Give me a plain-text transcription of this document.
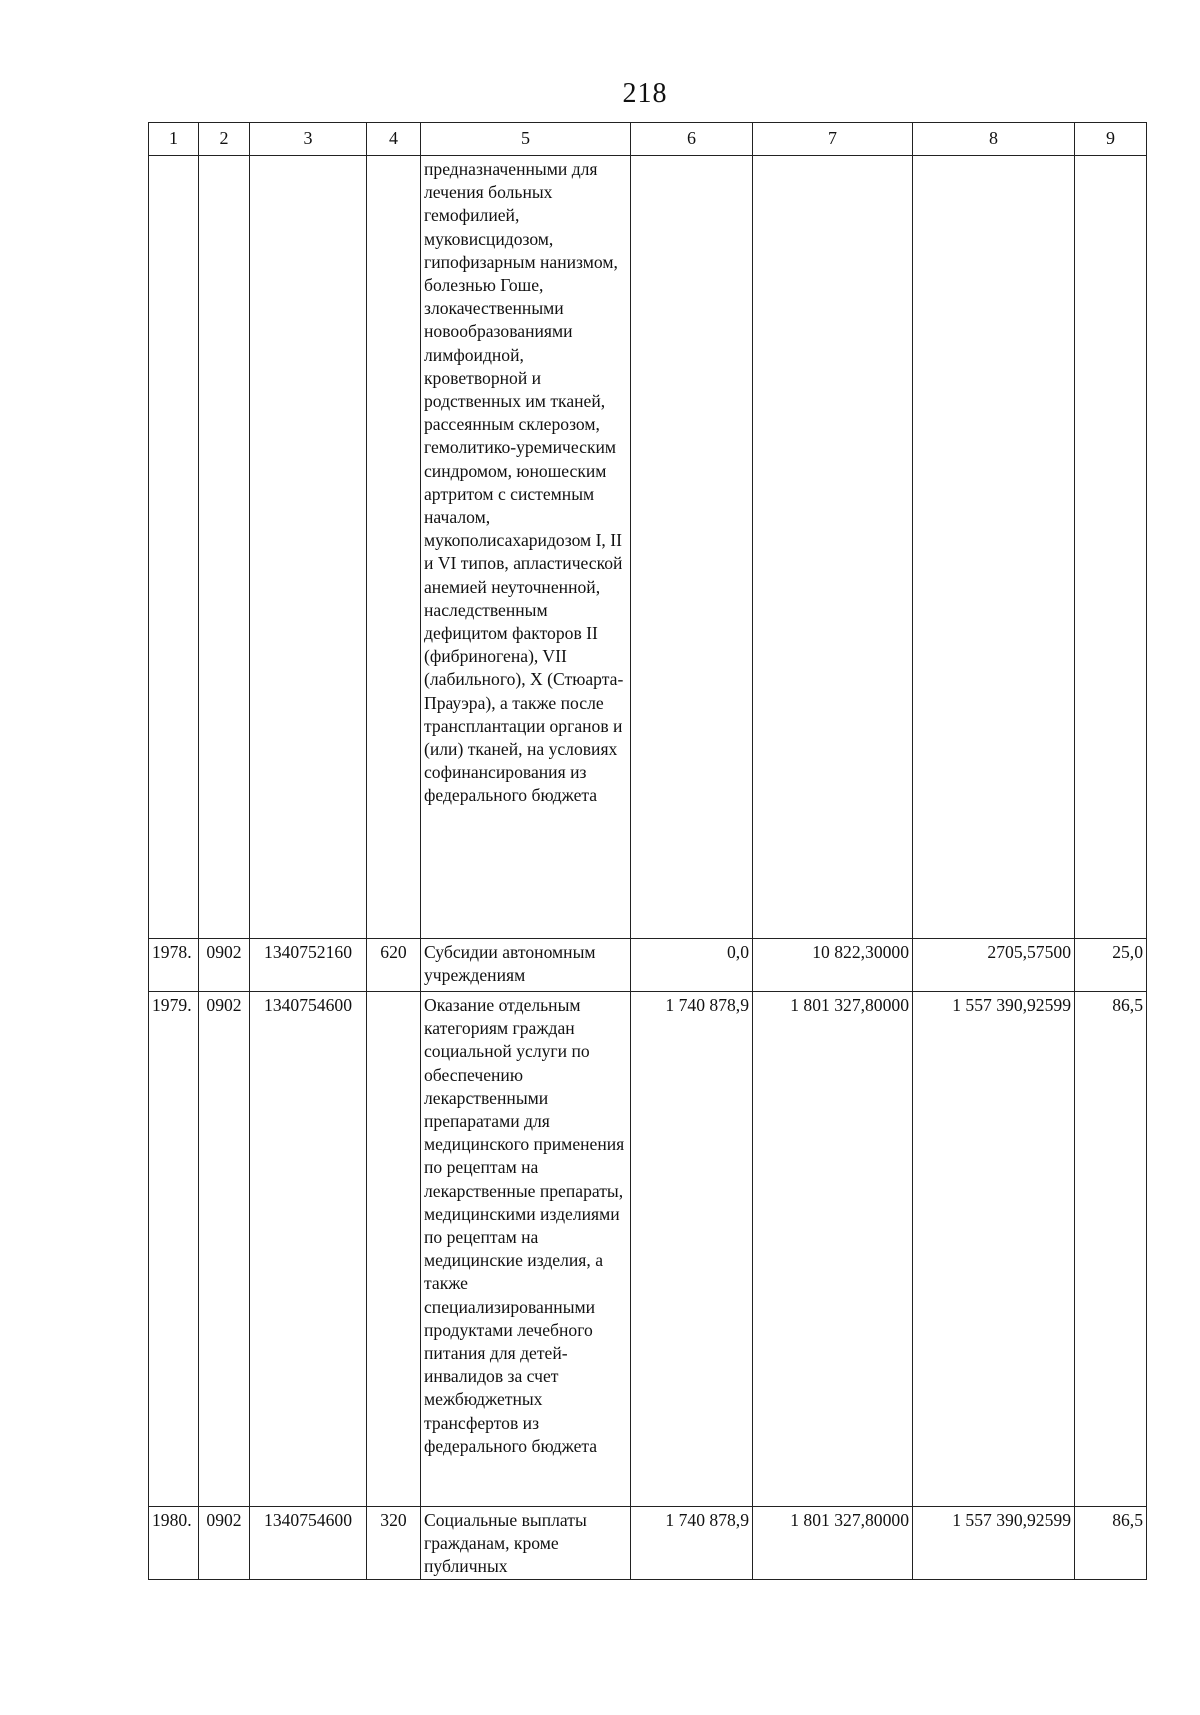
218
1	2	3	4	5	6	7	8	9
				предназначенными для лечения больных гемофилией, муковисцидозом, гипофизарным нанизмом, болезнью Гоше, злокачественными новообразованиями лимфоидной, кроветворной и родственных им тканей, рассеянным склерозом, гемолитико-уремическим синдромом, юношеским артритом с системным началом, мукополисахаридозом I, II и VI типов, апластической анемией неуточненной, наследственным дефицитом факторов II (фибриногена), VII (лабильного), X (Стюарта-Прауэра), а также после трансплантации органов и (или) тканей, на условиях софинансирования из федерального бюджета				
1978.	0902	1340752160	620	Субсидии автономным учреждениям	0,0	10 822,30000	2705,57500	25,0
1979.	0902	1340754600		Оказание отдельным категориям граждан социальной услуги по обеспечению лекарственными препаратами для медицинского применения по рецептам на лекарственные препараты, медицинскими изделиями по рецептам на медицинские изделия, а также специализированными продуктами лечебного питания для детей-инвалидов за счет межбюджетных трансфертов из федерального бюджета	1 740 878,9	1 801 327,80000	1 557 390,92599	86,5
1980.	0902	1340754600	320	Социальные выплаты гражданам, кроме публичных	1 740 878,9	1 801 327,80000	1 557 390,92599	86,5
